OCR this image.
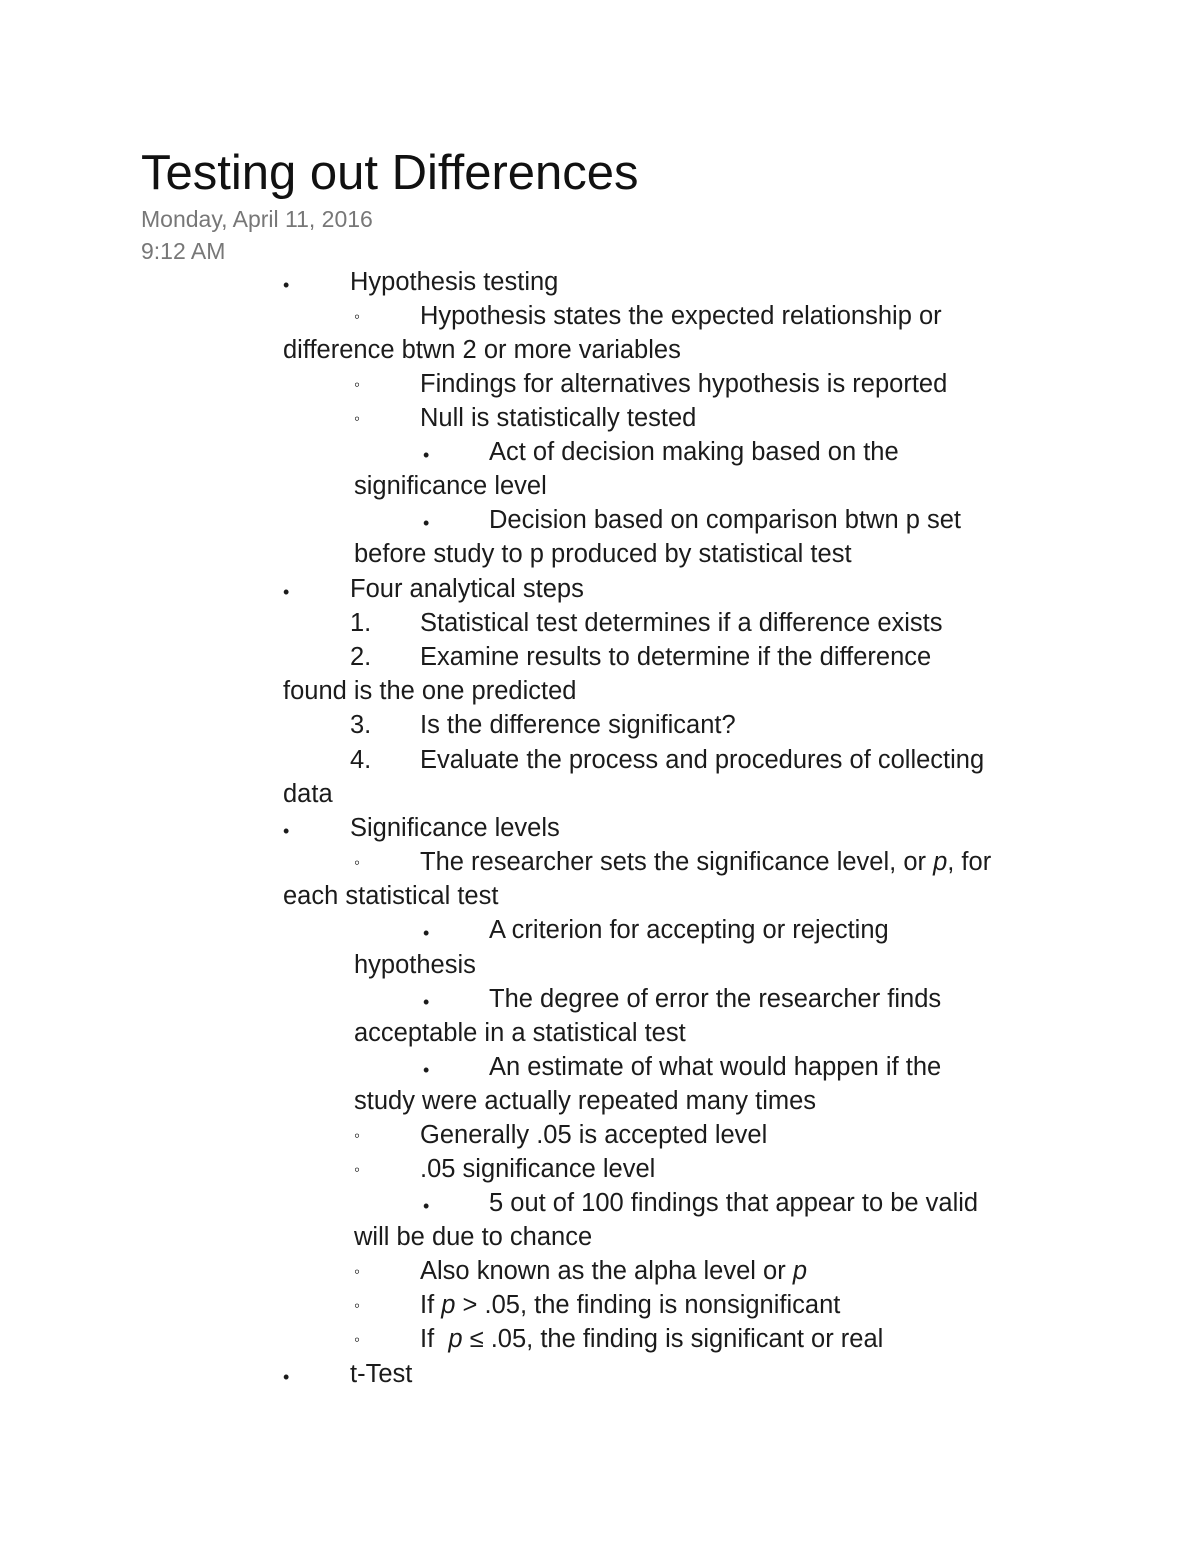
Testing out Differences
Monday, April 11, 2016
9:12 AM
• Hypothesis testing
◦ Hypothesis states the expected relationship or
difference btwn 2 or more variables
◦ Findings for alternatives hypothesis is reported
◦ Null is statistically tested
• Act of decision making based on the
significance level
• Decision based on comparison btwn p set
before study to p produced by statistical test
• Four analytical steps
1. Statistical test determines if a difference exists
2. Examine results to determine if the difference
found is the one predicted
3. Is the difference significant?
4. Evaluate the process and procedures of collecting
data
• Significance levels
◦ The researcher sets the significance level, or p, for
each statistical test
• A criterion for accepting or rejecting
hypothesis
• The degree of error the researcher finds
acceptable in a statistical test
• An estimate of what would happen if the
study were actually repeated many times
◦ Generally .05 is accepted level
◦ .05 significance level
• 5 out of 100 findings that appear to be valid
will be due to chance
◦ Also known as the alpha level or p
◦ If p > .05, the finding is nonsignificant
◦ If  p ≤ .05, the finding is significant or real
• t-Test
